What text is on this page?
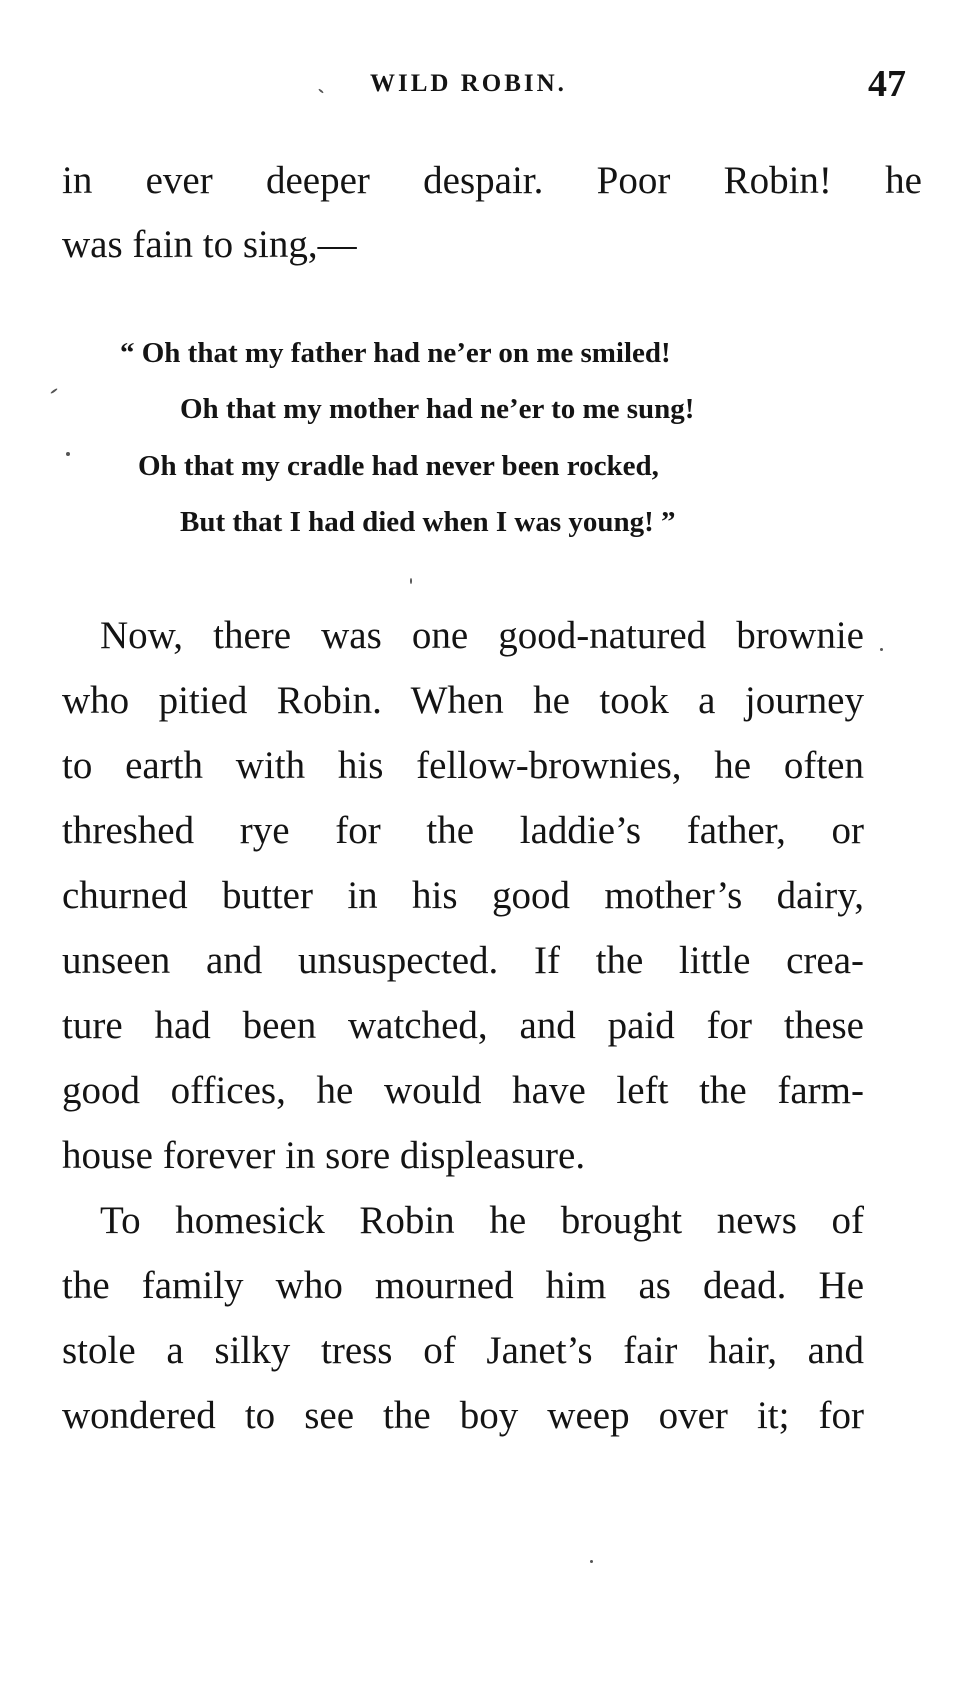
WILD ROBIN.	47
in ever deeper despair. Poor Robin! he
was fain to sing,—
“ Oh that my father had ne’er on me smiled!
Oh that my mother had ne’er to me sung!
Oh that my cradle had never been rocked,
But that I had died when I was young! ”
Now, there was one good-natured brownie
who pitied Robin. When he took a journey
to earth with his fellow-brownies, he often
threshed rye for the laddie’s father, or
churned butter in his good mother’s dairy,
unseen and unsuspected. If the little crea-
ture had been watched, and paid for these
good offices, he would have left the farm-
house forever in sore displeasure.
To homesick Robin he brought news of
the family who mourned him as dead. He
stole a silky tress of Janet’s fair hair, and
wondered to see the boy weep over it; for
